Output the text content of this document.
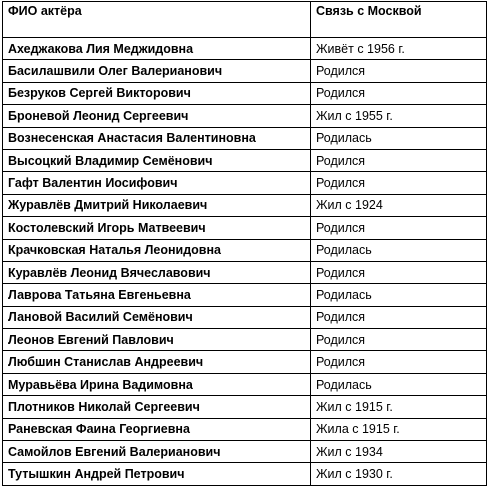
ФИО актёра	Связь с Москвой
Ахеджакова Лия Меджидовна	Живёт с 1956 г.
Басилашвили Олег Валерианович	Родился
Безруков Сергей Викторович	Родился
Броневой Леонид Сергеевич	Жил с 1955 г.
Вознесенская Анастасия Валентиновна	Родилась
Высоцкий Владимир Семёнович	Родился
Гафт Валентин Иосифович	Родился
Журавлёв Дмитрий Николаевич	Жил с 1924
Костолевский Игорь Матвеевич	Родился
Крачковская Наталья Леонидовна	Родилась
Куравлёв Леонид Вячеславович	Родился
Лаврова Татьяна Евгеньевна	Родилась
Лановой Василий Семёнович	Родился
Леонов Евгений Павлович	Родился
Любшин Станислав Андреевич	Родился
Муравьёва Ирина Вадимовна	Родилась
Плотников Николай Сергеевич	Жил с 1915 г.
Раневская Фаина Георгиевна	Жила с 1915 г.
Самойлов Евгений Валерианович	Жил с 1934
Тутышкин Андрей Петрович	Жил с 1930 г.
